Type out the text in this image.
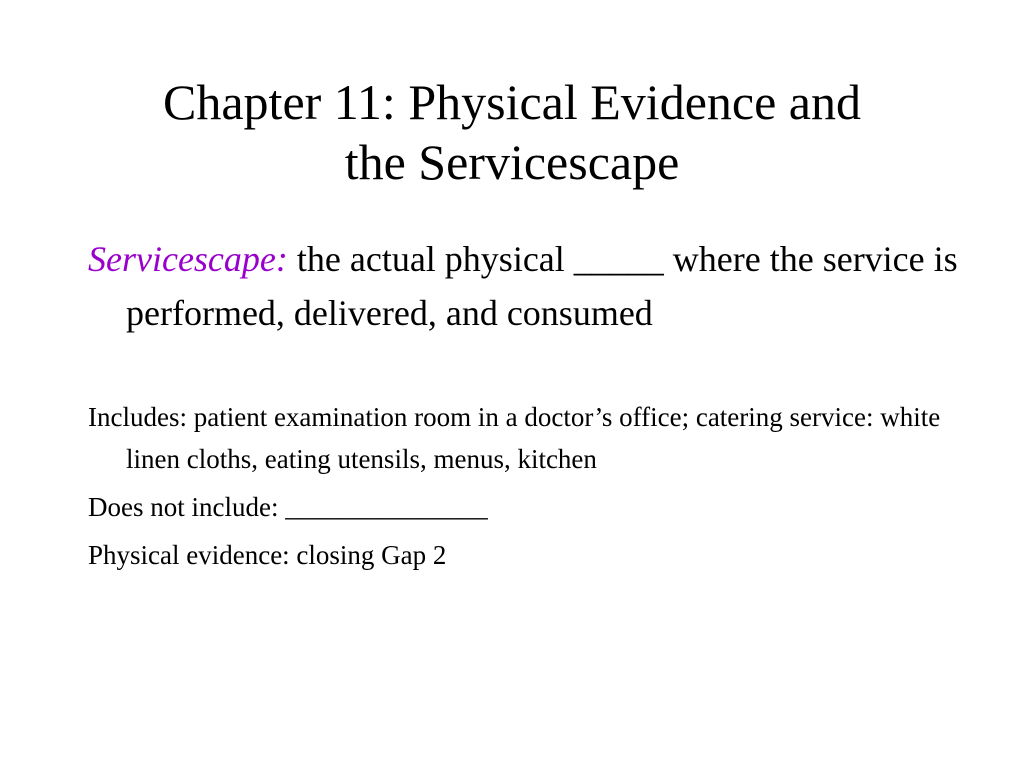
Chapter 11: Physical Evidence and
the Servicescape

Servicescape: the actual physical _____ where the service is performed, delivered, and consumed

Includes: patient examination room in a doctor’s office; catering service: white linen cloths, eating utensils, menus, kitchen

Does not include: _______________

Physical evidence: closing Gap 2
